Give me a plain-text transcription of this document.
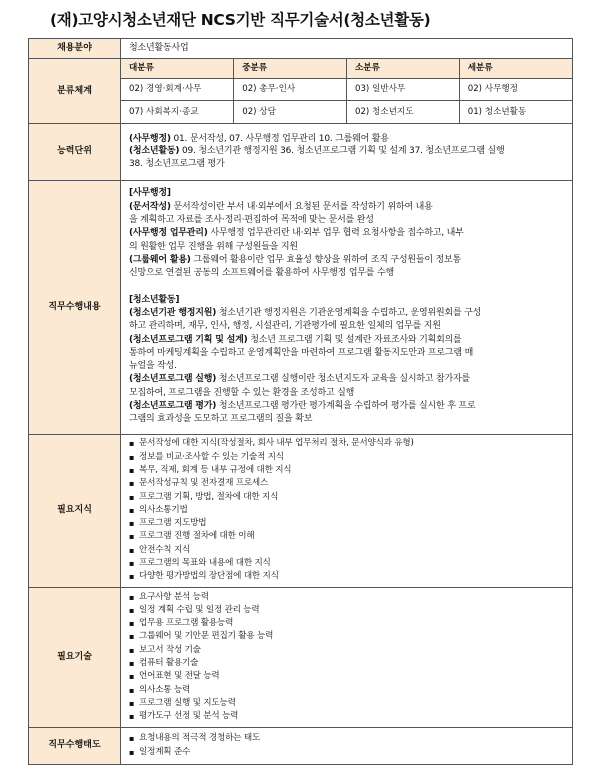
(재)고양시청소년재단 NCS기반 직무기술서(청소년활동)
채용분야	청소년활동사업
분류체계	
대분류	중분류	소분류	세분류
02) 경영·회계·사무	02) 총무·인사	03) 일반사무	02) 사무행정
07) 사회복지·종교	02) 상담	02) 청소년지도	01) 청소년활동

능력단위	
(사무행정) 01. 문서작성, 07. 사무행정 업무관리 10. 그룹웨어 활용
(청소년활동) 09. 청소년기관 행정지원 36. 청소년프로그램 기획 및 설계 37. 청소년프로그램 실행
38. 청소년프로그램 평가

직무수행내용	
[사무행정]
(문서작성) 문서작성이란 부서 내·외부에서 요청된 문서를 작성하기 위하여 내용
을 계획하고 자료를 조사·정리·편집하여 목적에 맞는 문서를 완성
(사무행정 업무관리) 사무행정 업무관리란 내·외부 업무 협력 요청사항을 접수하고, 내부
의 원활한 업무 진행을 위해 구성원들을 지원
(그룹웨어 활용) 그룹웨어 활용이란 업무 효율성 향상을 위하여 조직 구성원들이 정보통
신망으로 연결된 공동의 소프트웨어를 활용하여 사무행정 업무를 수행
[청소년활동]
(청소년기관 행정지원) 청소년기관 행정지원은 기관운영계획을 수립하고, 운영위원회를 구성
하고 관리하며, 재무, 인사, 행정, 시설관리, 기관평가에 필요한 일체의 업무를 지원
(청소년프로그램 기획 및 설계) 청소년 프로그램 기획 및 설계란 자료조사와 기획회의를
통하여 마케팅계획을 수립하고 운영계획안을 마련하여 프로그램 활동지도안과 프로그램 매
뉴얼을 작성.
(청소년프로그램 실행) 청소년프로그램 실행이란 청소년지도자 교육을 실시하고 참가자를
모집하여, 프로그램을 진행할 수 있는 환경을 조성하고 실행
(청소년프로그램 평가) 청소년프로그램 평가란 평가계획을 수립하여 평가를 실시한 후 프로
그램의 효과성을 도모하고 프로그램의 질을 확보

필요지식	
▪ 문서작성에 대한 지식(작성절차, 회사 내부 업무처리 절차, 문서양식과 유형)
▪ 정보를 비교·조사할 수 있는 기술적 지식
▪ 복무, 직제, 회계 등 내부 규정에 대한 지식
▪ 문서작성규칙 및 전자결재 프로세스
▪ 프로그램 기획, 방법, 절차에 대한 지식
▪ 의사소통기법
▪ 프로그램 지도방법
▪ 프로그램 진행 절차에 대한 이해
▪ 안전수칙 지식
▪ 프로그램의 목표와 내용에 대한 지식
▪ 다양한 평가방법의 장단점에 대한 지식

필요기술	
▪ 요구사항 분석 능력
▪ 일정 계획 수립 및 일정 관리 능력
▪ 업무용 프로그램 활용능력
▪ 그룹웨어 및 기안문 편집기 활용 능력
▪ 보고서 작성 기술
▪ 컴퓨터 활용기술
▪ 언어표현 및 전달 능력
▪ 의사소통 능력
▪ 프로그램 실행 및 지도능력
▪ 평가도구 선정 및 분석 능력

직무수행태도	
▪ 요청내용의 적극적 경청하는 태도
▪ 일정계획 준수
